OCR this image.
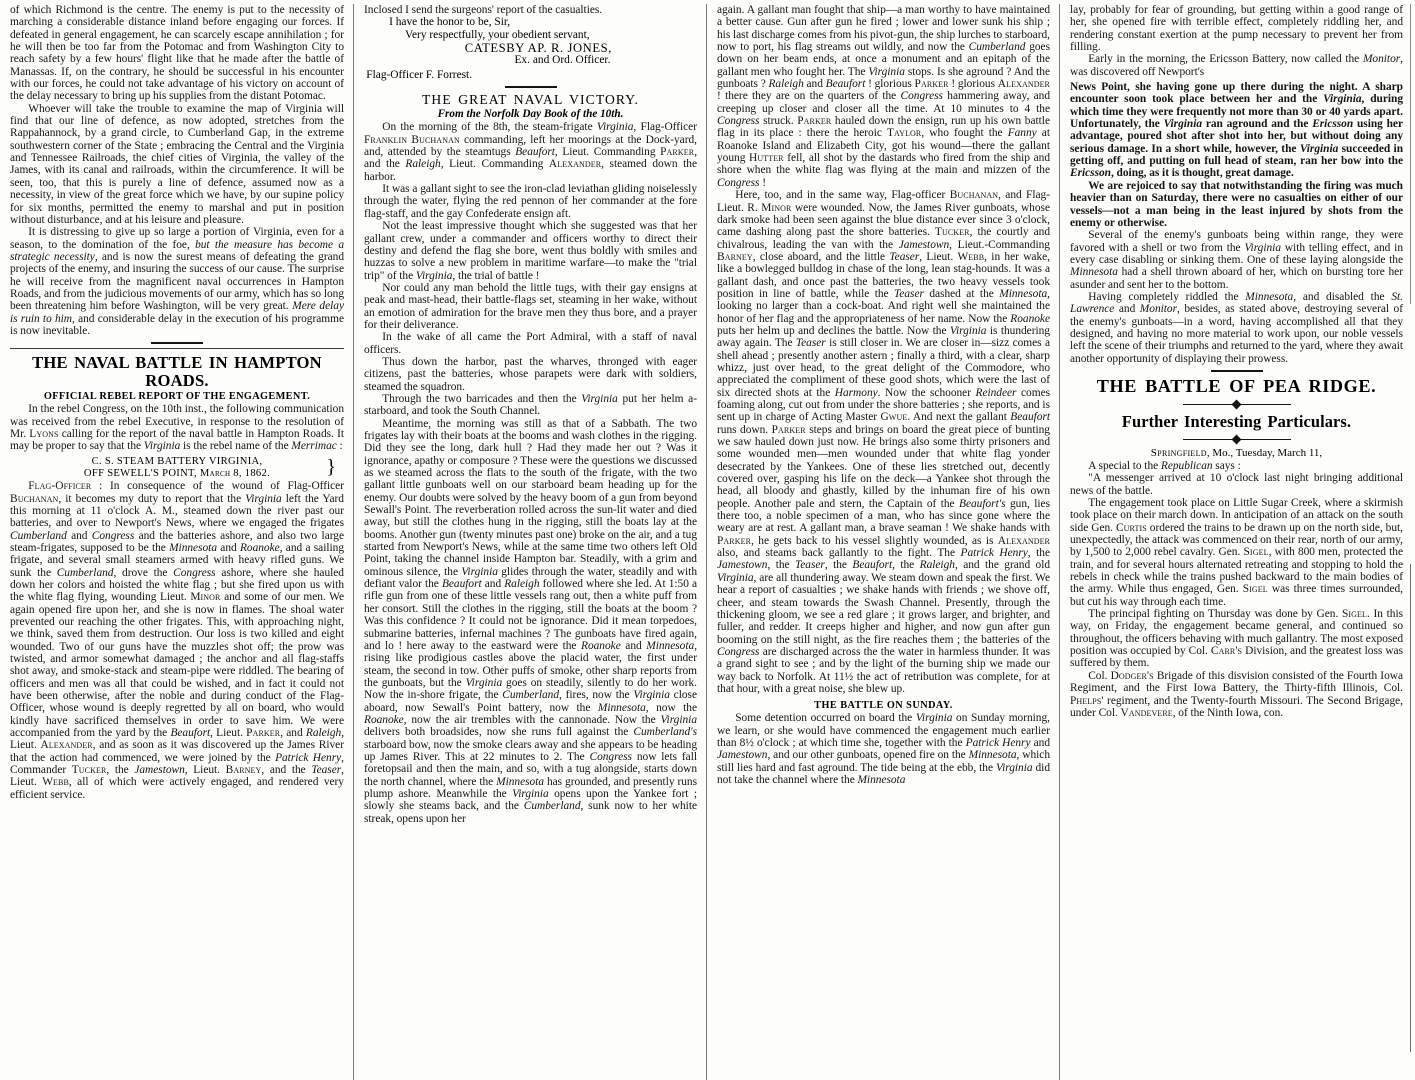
of which Richmond is the centre. The enemy is put to the necessity of marching a considerable distance inland before engaging our forces. If defeated in general engagement, he can scarcely escape annihilation ; for he will then be too far from the Potomac and from Washington City to reach safety by a few hours' flight like that he made after the battle of Manassas. If, on the contrary, he should be successful in his encounter with our forces, he could not take advantage of his victory on account of the delay necessary to bring up his supplies from the distant Potomac.

Whoever will take the trouble to examine the map of Virginia will find that our line of defence, as now adopted, stretches from the Rappahannock, by a grand circle, to Cumberland Gap, in the extreme southwestern corner of the State ; embracing the Central and the Virginia and Tennessee Railroads, the chief cities of Virginia, the valley of the James, with its canal and railroads, within the circumference. It will be seen, too, that this is purely a line of defence, assumed now as a necessity, in view of the great force which we have, by our supine policy for six months, permitted the enemy to marshal and put in position without disturbance, and at his leisure and pleasure.

It is distressing to give up so large a portion of Virginia, even for a season, to the domination of the foe, but the measure has become a strategic necessity, and is now the surest means of defeating the grand projects of the enemy, and insuring the success of our cause. The surprise he will receive from the magnificent naval occurrences in Hampton Roads, and from the judicious movements of our army, which has so long been threatening him before Washington, will be very great. Mere delay is ruin to him, and considerable delay in the execution of his programme is now inevitable.

THE NAVAL BATTLE IN HAMPTON ROADS.
OFFICIAL REBEL REPORT OF THE ENGAGEMENT.

In the rebel Congress, on the 10th inst., the following communication was received from the rebel Executive, in response to the resolution of Mr. Lyons calling for the report of the naval battle in Hampton Roads. It may be proper to say that the Virginia is the rebel name of the Merrimac :

}
C. S. STEAM BATTERY VIRGINIA,
OFF SEWELL'S POINT, March 8, 1862.

Flag-Officer : In consequence of the wound of Flag-Officer Buchanan, it becomes my duty to report that the Virginia left the Yard this morning at 11 o'clock A. M., steamed down the river past our batteries, and over to Newport's News, where we engaged the frigates Cumberland and Congress and the batteries ashore, and also two large steam-frigates, supposed to be the Minnesota and Roanoke, and a sailing frigate, and several small steamers armed with heavy rifled guns. We sunk the Cumberland, drove the Congress ashore, where she hauled down her colors and hoisted the white flag ; but she fired upon us with the white flag flying, wounding Lieut. Minor and some of our men. We again opened fire upon her, and she is now in flames. The shoal water prevented our reaching the other frigates. This, with approaching night, we think, saved them from destruction. Our loss is two killed and eight wounded. Two of our guns have the muzzles shot off; the prow was twisted, and armor somewhat damaged ; the anchor and all flag-staffs shot away, and smoke-stack and steam-pipe were riddled. The bearing of officers and men was all that could be wished, and in fact it could not have been otherwise, after the noble and during conduct of the Flag-Officer, whose wound is deeply regretted by all on board, who would kindly have sacrificed themselves in order to save him. We were accompanied from the yard by the Beaufort, Lieut. Parker, and Raleigh, Lieut. Alexander, and as soon as it was discovered up the James River that the action had commenced, we were joined by the Patrick Henry, Commander Tucker, the Jamestown, Lieut. Barney, and the Teaser, Lieut. Webb, all of which were actively engaged, and rendered very efficient service.

Inclosed I send the surgeons' report of the casualties.

I have the honor to be, Sir,
Very respectfully, your obedient servant,
CATESBY AP. R. JONES,
Ex. and Ord. Officer.
Flag-Officer F. Forrest.
THE GREAT NAVAL VICTORY.
From the Norfolk Day Book of the 10th.

On the morning of the 8th, the steam-frigate Virginia, Flag-Officer Franklin Buchanan commanding, left her moorings at the Dock-yard, and, attended by the steamtugs Beaufort, Lieut. Commanding Parker, and the Raleigh, Lieut. Commanding Alexander, steamed down the harbor.

It was a gallant sight to see the iron-clad leviathan gliding noiselessly through the water, flying the red pennon of her commander at the fore flag-staff, and the gay Confederate ensign aft.

Not the least impressive thought which she suggested was that her gallant crew, under a commander and officers worthy to direct their destiny and defend the flag she bore, went thus boldly with smiles and huzzas to solve a new problem in maritime warfare—to make the "trial trip" of the Virginia, the trial of battle !

Nor could any man behold the little tugs, with their gay ensigns at peak and mast-head, their battle-flags set, steaming in her wake, without an emotion of admiration for the brave men they thus bore, and a prayer for their deliverance.

In the wake of all came the Port Admiral, with a staff of naval officers.

Thus down the harbor, past the wharves, thronged with eager citizens, past the batteries, whose parapets were dark with soldiers, steamed the squadron.

Through the two barricades and then the Virginia put her helm a-starboard, and took the South Channel.

Meantime, the morning was still as that of a Sabbath. The two frigates lay with their boats at the booms and wash clothes in the rigging. Did they see the long, dark hull ? Had they made her out ? Was it ignorance, apathy or composure ? These were the questions we discussed as we steamed across the flats to the south of the frigate, with the two gallant little gunboats well on our starboard beam heading up for the enemy. Our doubts were solved by the heavy boom of a gun from beyond Sewall's Point. The reverberation rolled across the sun-lit water and died away, but still the clothes hung in the rigging, still the boats lay at the booms. Another gun (twenty minutes past one) broke on the air, and a tug started from Newport's News, while at the same time two others left Old Point, taking the channel inside Hampton bar. Steadily, with a grim and ominous silence, the Virginia glides through the water, steadily and with defiant valor the Beaufort and Raleigh followed where she led. At 1:50 a rifle gun from one of these little vessels rang out, then a white puff from her consort. Still the clothes in the rigging, still the boats at the boom ? Was this confidence ? It could not be ignorance. Did it mean torpedoes, submarine batteries, infernal machines ? The gunboats have fired again, and lo ! here away to the eastward were the Roanoke and Minnesota, rising like prodigious castles above the placid water, the first under steam, the second in tow. Other puffs of smoke, other sharp reports from the gunboats, but the Virginia goes on steadily, silently to do her work. Now the in-shore frigate, the Cumberland, fires, now the Virginia close aboard, now Sewall's Point battery, now the Minnesota, now the Roanoke, now the air trembles with the cannonade. Now the Virginia delivers both broadsides, now she runs full against the Cumberland's starboard bow, now the smoke clears away and she appears to be heading up James River. This at 22 minutes to 2. The Congress now lets fall foretopsail and then the main, and so, with a tug alongside, starts down the north channel, where the Minnesota has grounded, and presently runs plump ashore. Meanwhile the Virginia opens upon the Yankee fort ; slowly she steams back, and the Cumberland, sunk now to her white streak, opens upon her

again. A gallant man fought that ship—a man worthy to have maintained a better cause. Gun after gun he fired ; lower and lower sunk his ship ; his last discharge comes from his pivot-gun, the ship lurches to starboard, now to port, his flag streams out wildly, and now the Cumberland goes down on her beam ends, at once a monument and an epitaph of the gallant men who fought her. The Virginia stops. Is she aground ? And the gunboats ? Raleigh and Beaufort ! glorious Parker ! glorious Alexander ! there they are on the quarters of the Congress hammering away, and creeping up closer and closer all the time. At 10 minutes to 4 the Congress struck. Parker hauled down the ensign, run up his own battle flag in its place : there the heroic Taylor, who fought the Fanny at Roanoke Island and Elizabeth City, got his wound—there the gallant young Hutter fell, all shot by the dastards who fired from the ship and shore when the white flag was flying at the main and mizzen of the Congress !

Here, too, and in the same way, Flag-officer Buchanan, and Flag-Lieut. R. Minor were wounded. Now, the James River gunboats, whose dark smoke had been seen against the blue distance ever since 3 o'clock, came dashing along past the shore batteries. Tucker, the courtly and chivalrous, leading the van with the Jamestown, Lieut.-Commanding Barney, close aboard, and the little Teaser, Lieut. Webb, in her wake, like a bowlegged bulldog in chase of the long, lean stag-hounds. It was a gallant dash, and once past the batteries, the two heavy vessels took position in line of battle, while the Teaser dashed at the Minnesota, looking no larger than a cock-boat. And right well she maintained the honor of her flag and the appropriateness of her name. Now the Roanoke puts her helm up and declines the battle. Now the Virginia is thundering away again. The Teaser is still closer in. We are closer in—sizz comes a shell ahead ; presently another astern ; finally a third, with a clear, sharp whizz, just over head, to the great delight of the Commodore, who appreciated the compliment of these good shots, which were the last of six directed shots at the Harmony. Now the schooner Reindeer comes foaming along, cut out from under the shore batteries ; she reports, and is sent up in charge of Acting Master Gwue. And next the gallant Beaufort runs down. Parker steps and brings on board the great piece of bunting we saw hauled down just now. He brings also some thirty prisoners and some wounded men—men wounded under that white flag yonder desecrated by the Yankees. One of these lies stretched out, decently covered over, gasping his life on the deck—a Yankee shot through the head, all bloody and ghastly, killed by the inhuman fire of his own people. Another pale and stern, the Captain of the Beaufort's gun, lies there too, a noble specimen of a man, who has since gone where the weary are at rest. A gallant man, a brave seaman ! We shake hands with Parker, he gets back to his vessel slightly wounded, as is Alexander also, and steams back gallantly to the fight. The Patrick Henry, the Jamestown, the Teaser, the Beaufort, the Raleigh, and the grand old Virginia, are all thundering away. We steam down and speak the first. We hear a report of casualties ; we shake hands with friends ; we shove off, cheer, and steam towards the Swash Channel. Presently, through the thickening gloom, we see a red glare ; it grows larger, and brighter, and fuller, and redder. It creeps higher and higher, and now gun after gun booming on the still night, as the fire reaches them ; the batteries of the Congress are discharged across the the water in harmless thunder. It was a grand sight to see ; and by the light of the burning ship we made our way back to Norfolk. At 11½ the act of retribution was complete, for at that hour, with a great noise, she blew up.

THE BATTLE ON SUNDAY.

Some detention occurred on board the Virginia on Sunday morning, we learn, or she would have commenced the engagement much earlier than 8½ o'clock ; at which time she, together with the Patrick Henry and Jamestown, and our other gunboats, opened fire on the Minnesota, which still lies hard and fast aground. The tide being at the ebb, the Virginia did not take the channel where the Minnesota

lay, probably for fear of grounding, but getting within a good range of her, she opened fire with terrible effect, completely riddling her, and rendering constant exertion at the pump necessary to prevent her from filling.

Early in the morning, the Ericsson Battery, now called the Monitor, was discovered off Newport's

News Point, she having gone up there during the night. A sharp encounter soon took place between her and the Virginia, during which time they were frequently not more than 30 or 40 yards apart. Unfortunately, the Virginia ran aground and the Ericsson using her advantage, poured shot after shot into her, but without doing any serious damage. In a short while, however, the Virginia succeeded in getting off, and putting on full head of steam, ran her bow into the Ericsson, doing, as it is thought, great damage.

We are rejoiced to say that notwithstanding the firing was much heavier than on Saturday, there were no casualties on either of our vessels—not a man being in the least injured by shots from the enemy or otherwise.

Several of the enemy's gunboats being within range, they were favored with a shell or two from the Virginia with telling effect, and in every case disabling or sinking them. One of these laying alongside the Minnesota had a shell thrown aboard of her, which on bursting tore her asunder and sent her to the bottom.

Having completely riddled the Minnesota, and disabled the St. Lawrence and Monitor, besides, as stated above, destroying several of the enemy's gunboats—in a word, having accomplished all that they designed, and having no more material to work upon, our noble vessels left the scene of their triumphs and returned to the yard, where they await another opportunity of displaying their prowess.

THE BATTLE OF PEA RIDGE.
Further Interesting Particulars.
Springfield, Mo., Tuesday, March 11,

A special to the Republican says :

"A messenger arrived at 10 o'clock last night bringing additional news of the battle.

The engagement took place on Little Sugar Creek, where a skirmish took place on their march down. In anticipation of an attack on the south side Gen. Curtis ordered the trains to be drawn up on the north side, but, unexpectedly, the attack was commenced on their rear, north of our army, by 1,500 to 2,000 rebel cavalry. Gen. Sigel, with 800 men, protected the train, and for several hours alternated retreating and stopping to hold the rebels in check while the trains pushed backward to the main bodies of the army. While thus engaged, Gen. Sigel was three times surrounded, but cut his way through each time.

The principal fighting on Thursday was done by Gen. Sigel. In this way, on Friday, the engagement became general, and continued so throughout, the officers behaving with much gallantry. The most exposed position was occupied by Col. Carr's Division, and the greatest loss was suffered by them.

Col. Dodger's Brigade of this disvision consisted of the Fourth Iowa Regiment, and the First Iowa Battery, the Thirty-fifth Illinois, Col. Phelps' regiment, and the Twenty-fourth Missouri. The Second Brigage, under Col. Vandevere, of the Ninth Iowa, con.
